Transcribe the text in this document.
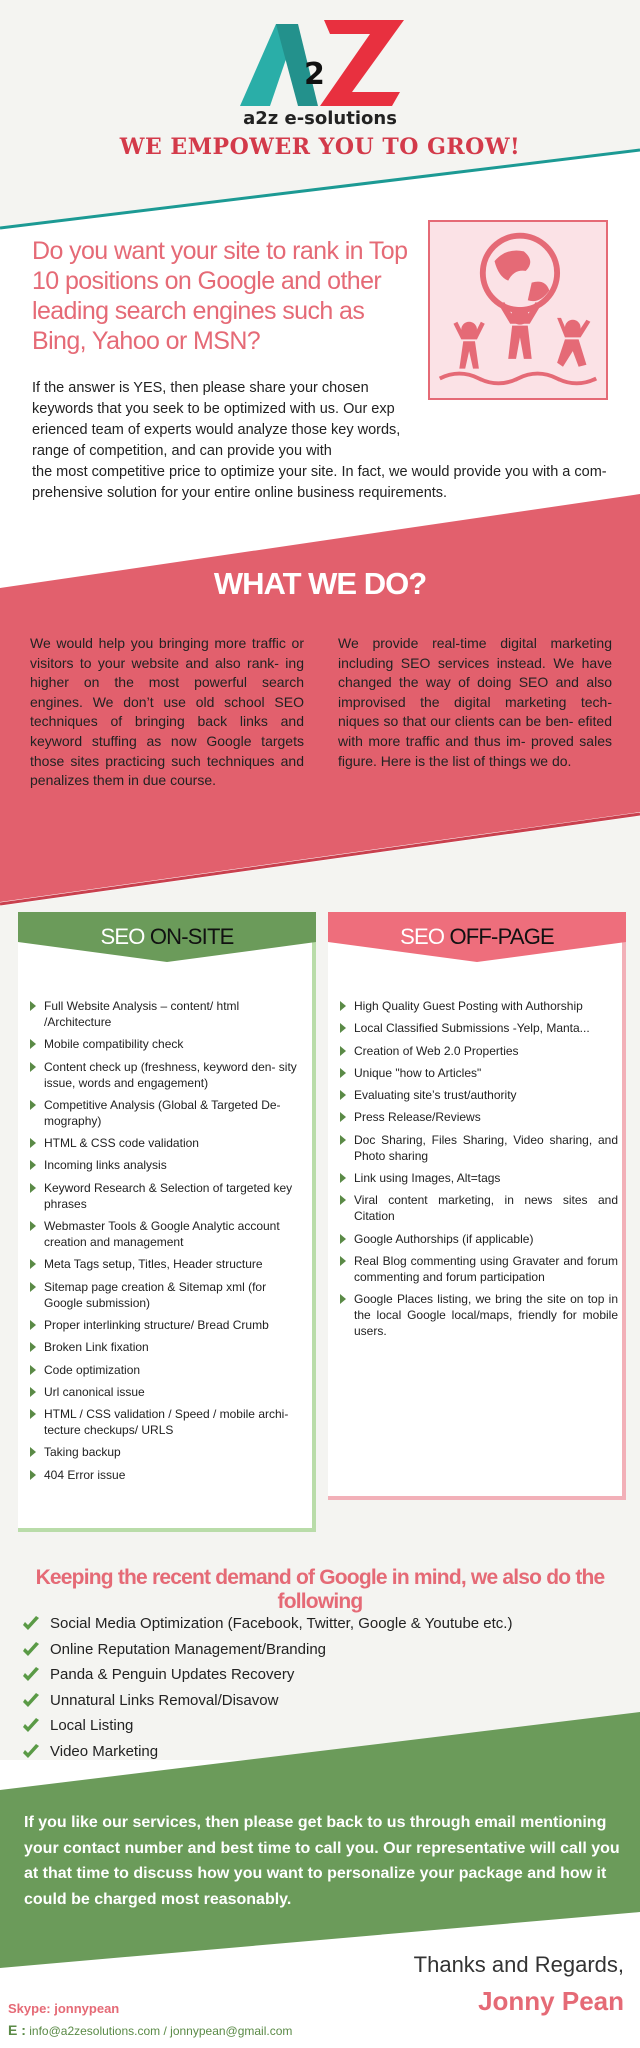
2
a2z e-solutions
WE EMPOWER YOU TO GROW!
Do you want your site to rank in Top 10 positions on Google and other leading search engines such as Bing, Yahoo or MSN?
If the answer is YES, then please share your chosen keywords that you seek to be optimized with us. Our exp erienced team of experts would analyze those key words, range of competition, and can provide you with
the most competitive price to optimize your site. In fact, we would provide you with a com- prehensive solution for your entire online business requirements.
WHAT WE DO?
We would help you bringing more traffic or visitors to your website and also rank- ing higher on the most powerful search engines. We don’t use old school SEO techniques of bringing back links and keyword stuffing as now Google targets those sites practicing such techniques and penalizes them in due course.
We provide real-time digital marketing including SEO services instead. We have changed the way of doing SEO and also improvised the digital marketing tech- niques so that our clients can be ben- efited with more traffic and thus im- proved sales figure. Here is the list of things we do.
SEO ON-SITE
Full Website Analysis – content/ html /Architecture
Mobile compatibility check
Content check up (freshness, keyword den- sity issue, words and engagement)
Competitive Analysis (Global & Targeted De- mography)
HTML & CSS code validation
Incoming links analysis
Keyword Research & Selection of targeted key phrases
Webmaster Tools & Google Analytic account creation and management
Meta Tags setup, Titles, Header structure
Sitemap page creation & Sitemap xml (for Google submission)
Proper interlinking structure/ Bread Crumb
Broken Link fixation
Code optimization
Url canonical issue
HTML / CSS validation / Speed / mobile archi- tecture checkups/ URLS
Taking backup
404 Error issue
SEO OFF-PAGE
High Quality Guest Posting with Authorship
Local Classified Submissions -Yelp, Manta...
Creation of Web 2.0 Properties
Unique "how to Articles"
Evaluating site’s trust/authority
Press Release/Reviews
Doc Sharing, Files Sharing, Video sharing, and Photo sharing
Link using Images, Alt=tags
Viral content marketing, in news sites and Citation
Google Authorships (if applicable)
Real Blog commenting using Gravater and forum commenting and forum participation
Google Places listing, we bring the site on top in the local Google local/maps, friendly for mobile users.
Keeping the recent demand of Google in mind, we also do the following
Social Media Optimization (Facebook, Twitter, Google & Youtube etc.)
Online Reputation Management/Branding
Panda & Penguin Updates Recovery
Unnatural Links Removal/Disavow
Local Listing
Video Marketing
If you like our services, then please get back to us through email mentioning your contact number and best time to call you. Our representative will call you at that time to discuss how you want to personalize your package and how it could be charged most reasonably.
Thanks and Regards,
Jonny Pean
Skype: jonnypean
E : info@a2zesolutions.com / jonnypean@gmail.com
